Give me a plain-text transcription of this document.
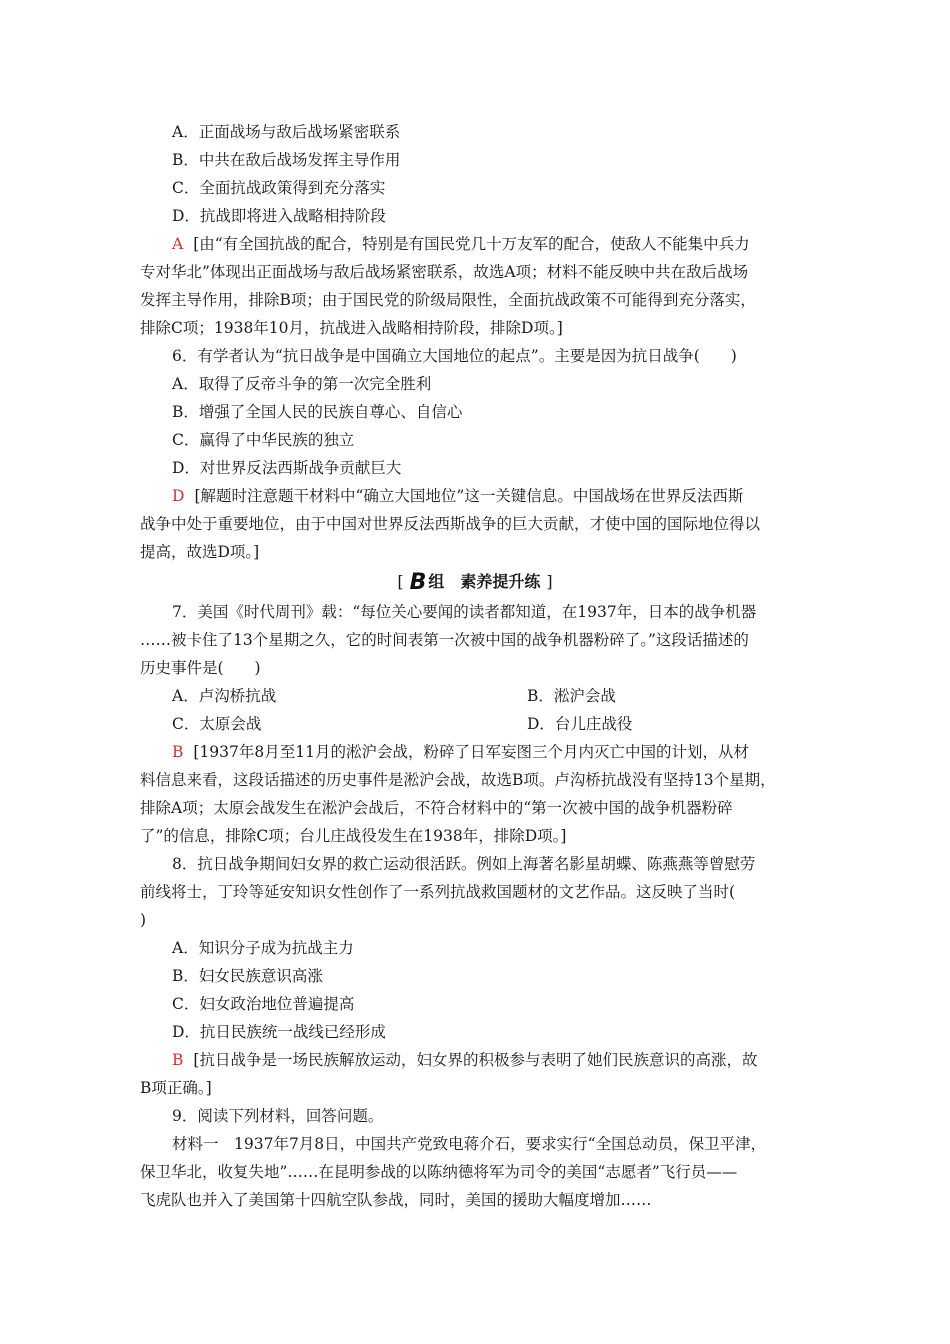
A．正面战场与敌后战场紧密联系
B．中共在敌后战场发挥主导作用
C．全面抗战政策得到充分落实
D．抗战即将进入战略相持阶段
A [由“有全国抗战的配合，特别是有国民党几十万友军的配合，使敌人不能集中兵力
专对华北”体现出正面战场与敌后战场紧密联系，故选A项；材料不能反映中共在敌后战场
发挥主导作用，排除B项；由于国民党的阶级局限性，全面抗战政策不可能得到充分落实，
排除C项；1938年10月，抗战进入战略相持阶段，排除D项。]
6．有学者认为“抗日战争是中国确立大国地位的起点”。主要是因为抗日战争(　　)
A．取得了反帝斗争的第一次完全胜利
B．增强了全国人民的民族自尊心、自信心
C．赢得了中华民族的独立
D．对世界反法西斯战争贡献巨大
D [解题时注意题干材料中“确立大国地位”这一关键信息。中国战场在世界反法西斯
战争中处于重要地位，由于中国对世界反法西斯战争的巨大贡献，才使中国的国际地位得以
提高，故选D项。]
[ B 组　素养提升练 ]
7．美国《时代周刊》载：“每位关心要闻的读者都知道，在1937年，日本的战争机器
……被卡住了13个星期之久，它的时间表第一次被中国的战争机器粉碎了。”这段话描述的
历史事件是(　　)
A．卢沟桥抗战	B．淞沪会战
C．太原会战	D．台儿庄战役
B [1937年8月至11月的淞沪会战，粉碎了日军妄图三个月内灭亡中国的计划，从材
料信息来看，这段话描述的历史事件是淞沪会战，故选B项。卢沟桥抗战没有坚持13个星期，
排除A项；太原会战发生在淞沪会战后，不符合材料中的“第一次被中国的战争机器粉碎
了”的信息，排除C项；台儿庄战役发生在1938年，排除D项。]
8．抗日战争期间妇女界的救亡运动很活跃。例如上海著名影星胡蝶、陈燕燕等曾慰劳
前线将士，丁玲等延安知识女性创作了一系列抗战救国题材的文艺作品。这反映了当时(
)
A．知识分子成为抗战主力
B．妇女民族意识高涨
C．妇女政治地位普遍提高
D．抗日民族统一战线已经形成
B [抗日战争是一场民族解放运动，妇女界的积极参与表明了她们民族意识的高涨，故
B项正确。]
9．阅读下列材料，回答问题。
材料一　1937年7月8日，中国共产党致电蒋介石，要求实行“全国总动员，保卫平津，
保卫华北，收复失地”……在昆明参战的以陈纳德将军为司令的美国“志愿者”飞行员——
飞虎队也并入了美国第十四航空队参战，同时，美国的援助大幅度增加……
